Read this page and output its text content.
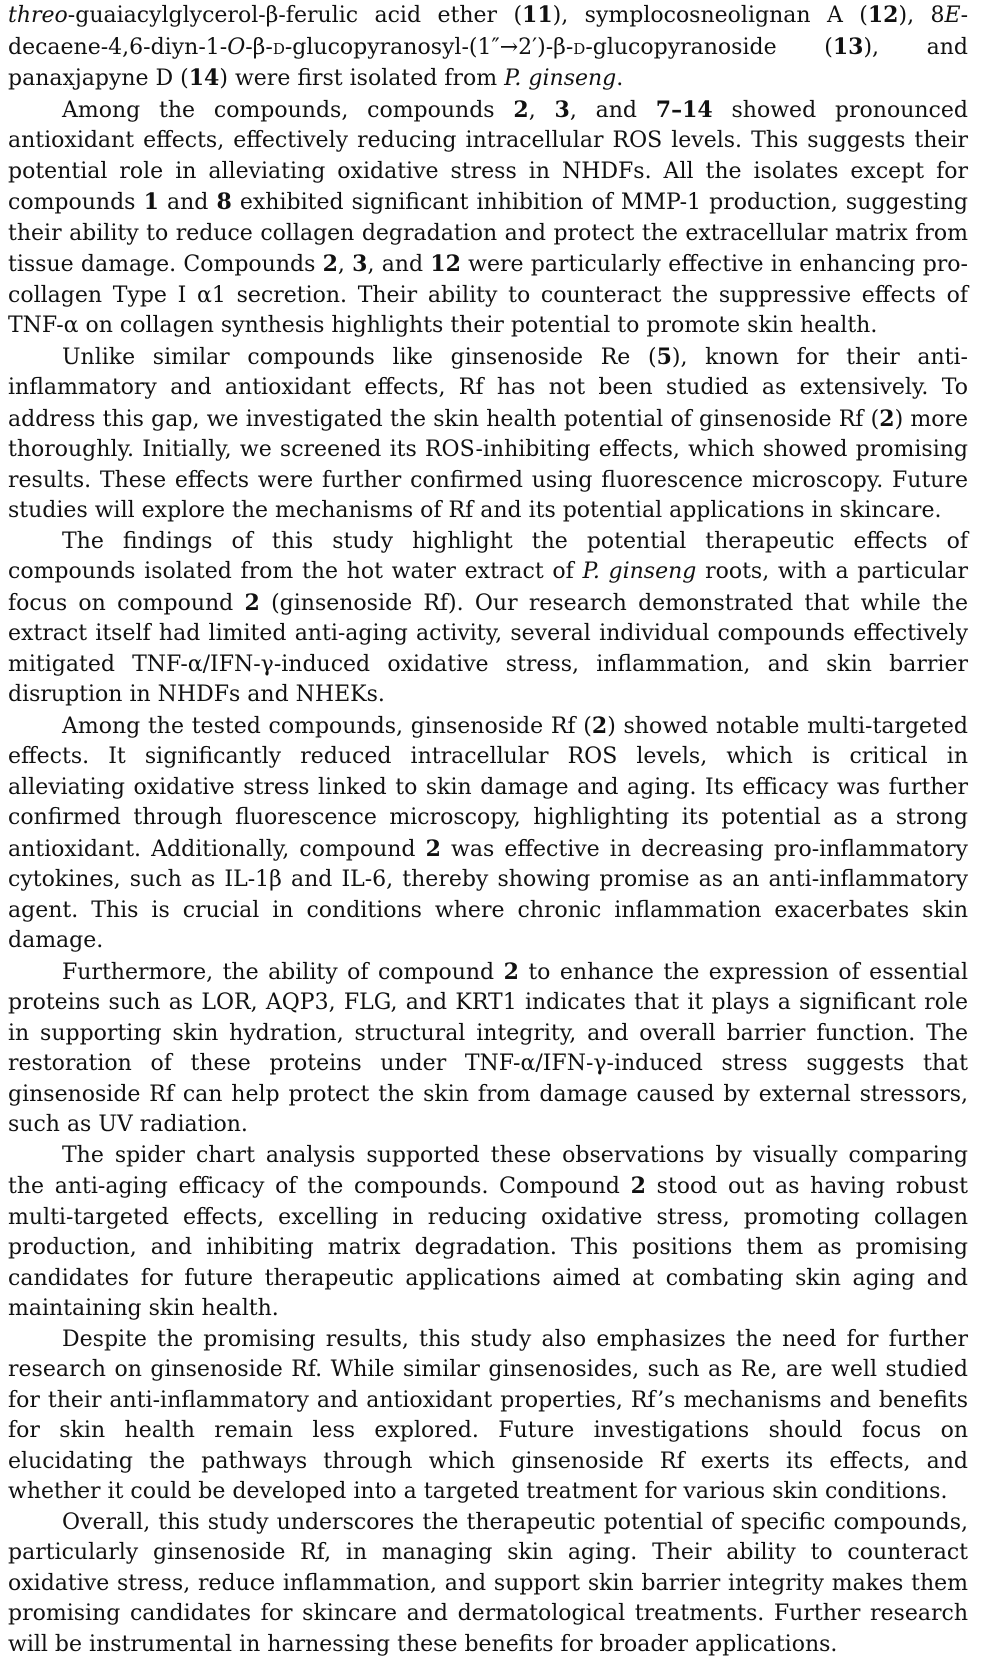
threo-guaiacylglycerol-β-ferulic acid ether (11), symplocosneolignan A (12), 8E-decaene-4,6-diyn-1-O-β-d-glucopyranosyl-(1″→2′)-β-d-glucopyranoside (13), and panaxjapyne D (14) were first isolated from P. ginseng.

Among the compounds, compounds 2, 3, and 7–14 showed pronounced antioxidant effects, effectively reducing intracellular ROS levels. This suggests their potential role in alleviating oxidative stress in NHDFs. All the isolates except for compounds 1 and 8 exhibited significant inhibition of MMP-1 production, suggesting their ability to reduce collagen degradation and protect the extracellular matrix from tissue damage. Compounds 2, 3, and 12 were particularly effective in enhancing pro-collagen Type I α1 secretion. Their ability to counteract the suppressive effects of TNF-α on collagen synthesis highlights their potential to promote skin health.

Unlike similar compounds like ginsenoside Re (5), known for their anti-inflammatory and antioxidant effects, Rf has not been studied as extensively. To address this gap, we investigated the skin health potential of ginsenoside Rf (2) more thoroughly. Initially, we screened its ROS-inhibiting effects, which showed promising results. These effects were further confirmed using fluorescence microscopy. Future studies will explore the mechanisms of Rf and its potential applications in skincare.

The findings of this study highlight the potential therapeutic effects of compounds isolated from the hot water extract of P. ginseng roots, with a particular focus on compound 2 (ginsenoside Rf). Our research demonstrated that while the extract itself had limited anti-aging activity, several individual compounds effectively mitigated TNF-α/IFN-γ-induced oxidative stress, inflammation, and skin barrier disruption in NHDFs and NHEKs.

Among the tested compounds, ginsenoside Rf (2) showed notable multi-targeted effects. It significantly reduced intracellular ROS levels, which is critical in alleviating oxidative stress linked to skin damage and aging. Its efficacy was further confirmed through fluorescence microscopy, highlighting its potential as a strong antioxidant. Additionally, compound 2 was effective in decreasing pro-inflammatory cytokines, such as IL-1β and IL-6, thereby showing promise as an anti-inflammatory agent. This is crucial in conditions where chronic inflammation exacerbates skin damage.

Furthermore, the ability of compound 2 to enhance the expression of essential proteins such as LOR, AQP3, FLG, and KRT1 indicates that it plays a significant role in supporting skin hydration, structural integrity, and overall barrier function. The restoration of these proteins under TNF-α/IFN-γ-induced stress suggests that ginsenoside Rf can help protect the skin from damage caused by external stressors, such as UV radiation.

The spider chart analysis supported these observations by visually comparing the anti-aging efficacy of the compounds. Compound 2 stood out as having robust multi-targeted effects, excelling in reducing oxidative stress, promoting collagen production, and inhibiting matrix degradation. This positions them as promising candidates for future therapeutic applications aimed at combating skin aging and maintaining skin health.

Despite the promising results, this study also emphasizes the need for further research on ginsenoside Rf. While similar ginsenosides, such as Re, are well studied for their anti-inflammatory and antioxidant properties, Rf’s mechanisms and benefits for skin health remain less explored. Future investigations should focus on elucidating the pathways through which ginsenoside Rf exerts its effects, and whether it could be developed into a targeted treatment for various skin conditions.

Overall, this study underscores the therapeutic potential of specific compounds, particularly ginsenoside Rf, in managing skin aging. Their ability to counteract oxidative stress, reduce inflammation, and support skin barrier integrity makes them promising candidates for skincare and dermatological treatments. Further research will be instrumental in harnessing these benefits for broader applications.
